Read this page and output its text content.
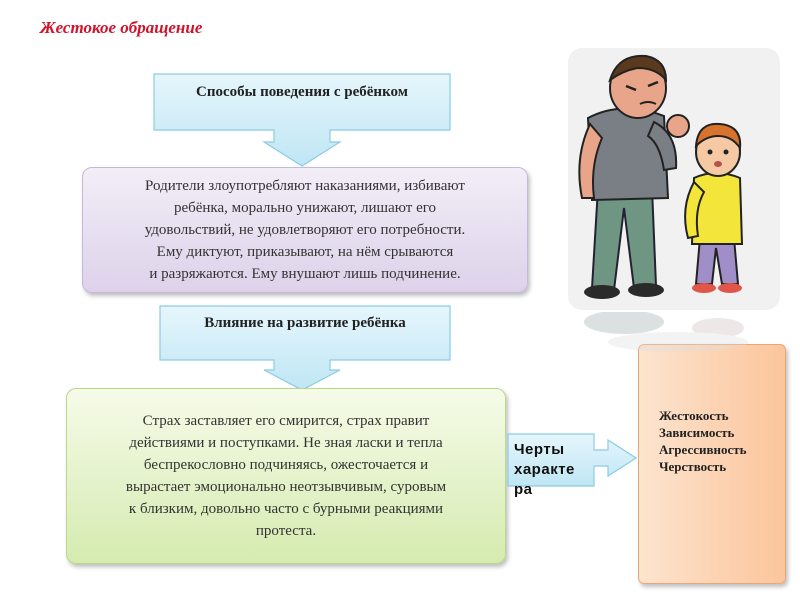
Жестокое обращение
Способы поведения с ребёнком
Родители злоупотребляют наказаниями, избивают
ребёнка, морально унижают, лишают его
удовольствий, не удовлетворяют его потребности.
Ему диктуют, приказывают, на нём срываются
и разряжаются. Ему внушают лишь подчинение.
Влияние на развитие ребёнка
Страх заставляет его смирится, страх правит
действиями и поступками. Не зная ласки и тепла
беспрекословно подчиняясь, ожесточается и
вырастает эмоционально неотзывчивым, суровым
к близким, довольно часто с бурными реакциями
протеста.
Черты
характе
ра
Жестокость
Зависимость
Агрессивность
Черствость
